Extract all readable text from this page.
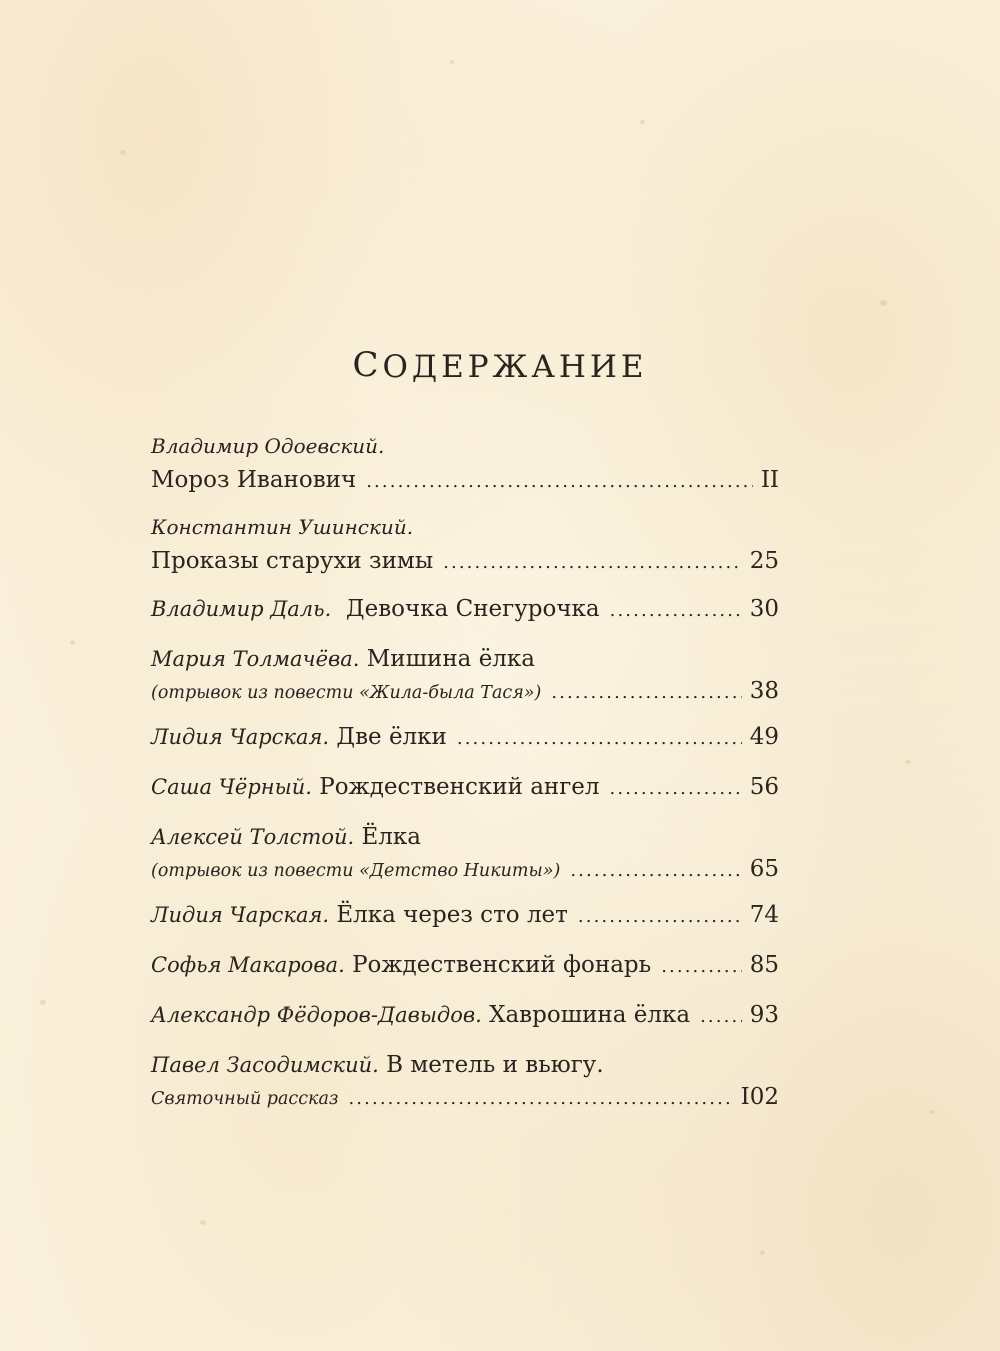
СОДЕРЖАНИЕ
Владимир Одоевский.
Мороз Иванович . . .	II
Константин Ушинский.
Проказы старухи зимы . . .	25
Владимир Даль.
Девочка Снегурочка . . .	30
Мария Толмачёва.
Мишина ёлка
(отрывок из повести «Жила-была Тася») . . .	38
Лидия Чарская.
Две ёлки . . .	49
Саша Чёрный.
Рождественский ангел . . .	56
Алексей Толстой.
Ёлка
(отрывок из повести «Детство Никиты») . . .	65
Лидия Чарская.
Ёлка через сто лет . . .	74
Софья Макарова.
Рождественский фонарь . . .	85
Александр Фёдоров-Давыдов.
Хаврошина ёлка . . .	93
Павел Засодимский.
В метель и вьюгу.
Святочный рассказ . . .	I02
